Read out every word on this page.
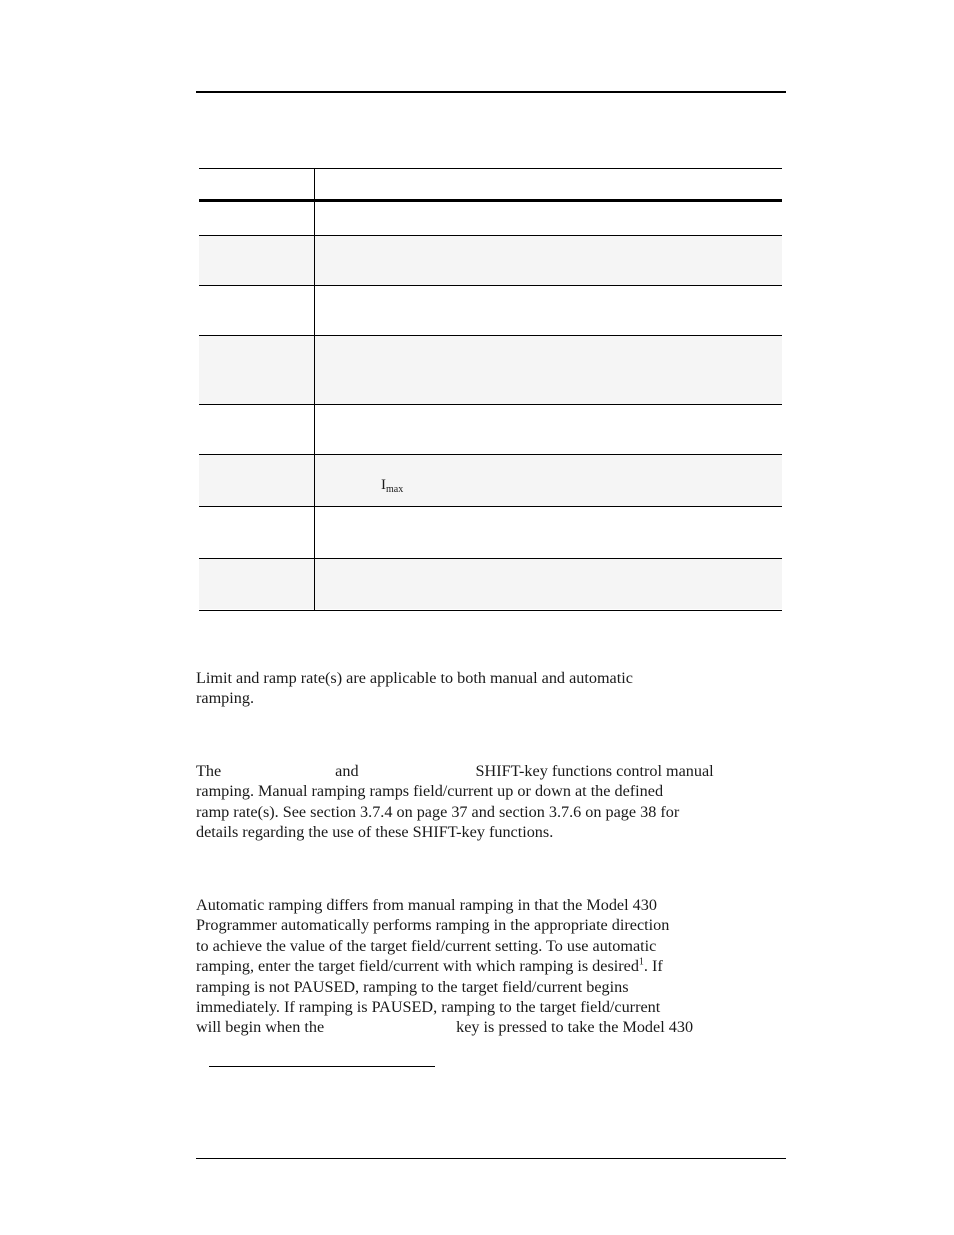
$I_{max}$

Limit and ramp rate(s) are applicable to both manual and automatic
ramping.

The	and	SHIFT-key functions control manual
ramping. Manual ramping ramps field/current up or down at the defined
ramp rate(s). See section 3.7.4 on page 37 and section 3.7.6 on page 38 for
details regarding the use of these SHIFT-key functions.

Automatic ramping differs from manual ramping in that the Model 430
Programmer automatically performs ramping in the appropriate direction
to achieve the value of the target field/current setting. To use automatic
ramping, enter the target field/current with which ramping is desired$^1$. If
ramping is not PAUSED, ramping to the target field/current begins
immediately. If ramping is PAUSED, ramping to the target field/current
will begin when the	key is pressed to take the Model 430
